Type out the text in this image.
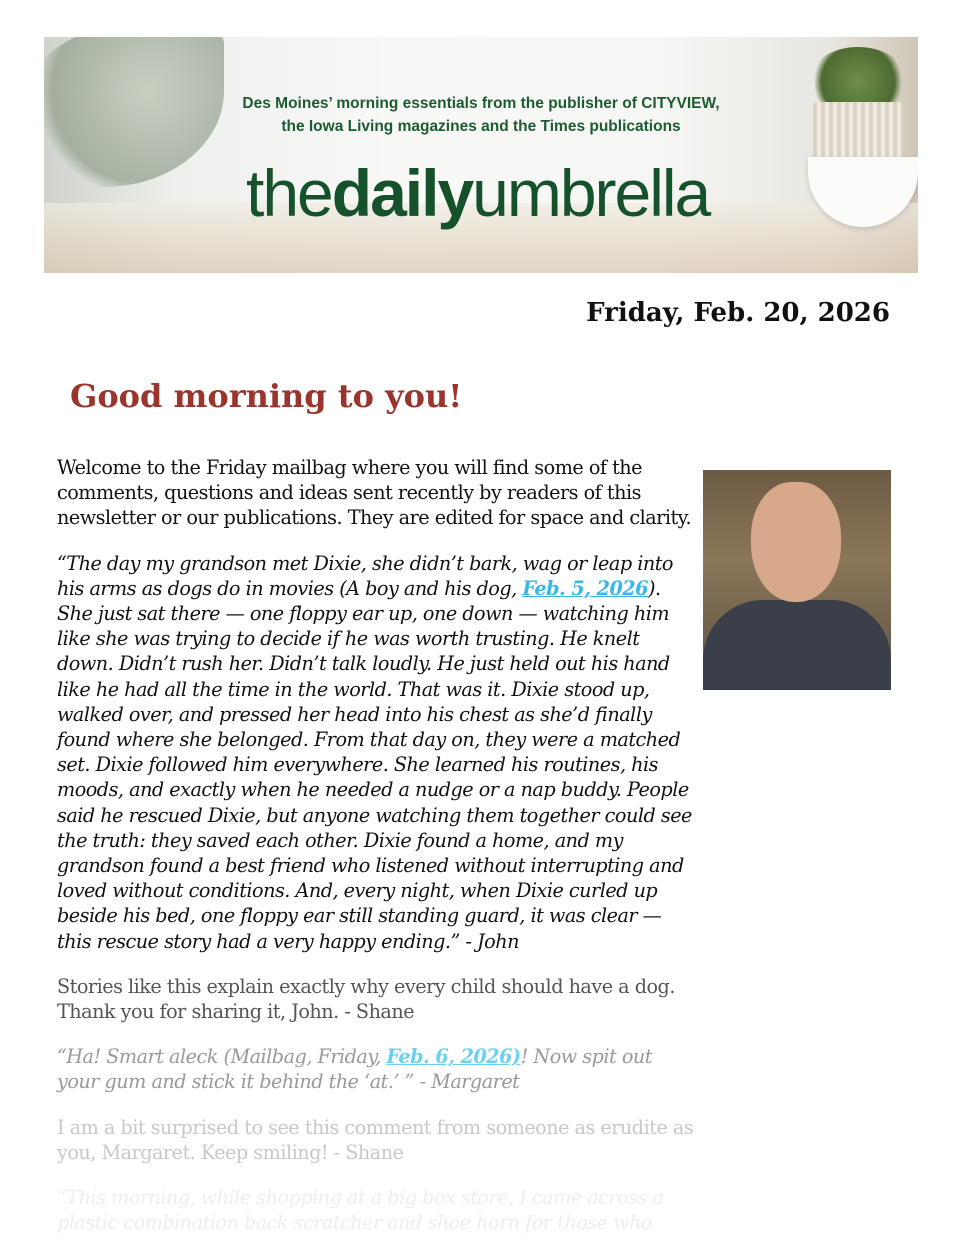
Des Moines’ morning essentials from the publisher of CITYVIEW,
the Iowa Living magazines and the Times publications
thedailyumbrella
Friday, Feb. 20, 2026
Good morning to you!

Welcome to the Friday mailbag where you will find some of the comments, questions and ideas sent recently by readers of this newsletter or our publications. They are edited for space and clarity.

“The day my grandson met Dixie, she didn’t bark, wag or leap into his arms as dogs do in movies (A boy and his dog, Feb. 5, 2026). She just sat there — one floppy ear up, one down — watching him like she was trying to decide if he was worth trusting. He knelt down. Didn’t rush her. Didn’t talk loudly. He just held out his hand like he had all the time in the world. That was it. Dixie stood up, walked over, and pressed her head into his chest as she’d finally found where she belonged. From that day on, they were a matched set. Dixie followed him everywhere. She learned his routines, his moods, and exactly when he needed a nudge or a nap buddy. People said he rescued Dixie, but anyone watching them together could see the truth: they saved each other. Dixie found a home, and my grandson found a best friend who listened without interrupting and loved without conditions. And, every night, when Dixie curled up beside his bed, one floppy ear still standing guard, it was clear — this rescue story had a very happy ending.” - John

Stories like this explain exactly why every child should have a dog. Thank you for sharing it, John. - Shane

“Ha! Smart aleck (Mailbag, Friday, Feb. 6, 2026)! Now spit out your gum and stick it behind the ‘at.’ ” - Margaret

I am a bit surprised to see this comment from someone as erudite as you, Margaret. Keep smiling! - Shane

“This morning, while shopping at a big box store, I came across a plastic combination back scratcher and shoe horn for those who
